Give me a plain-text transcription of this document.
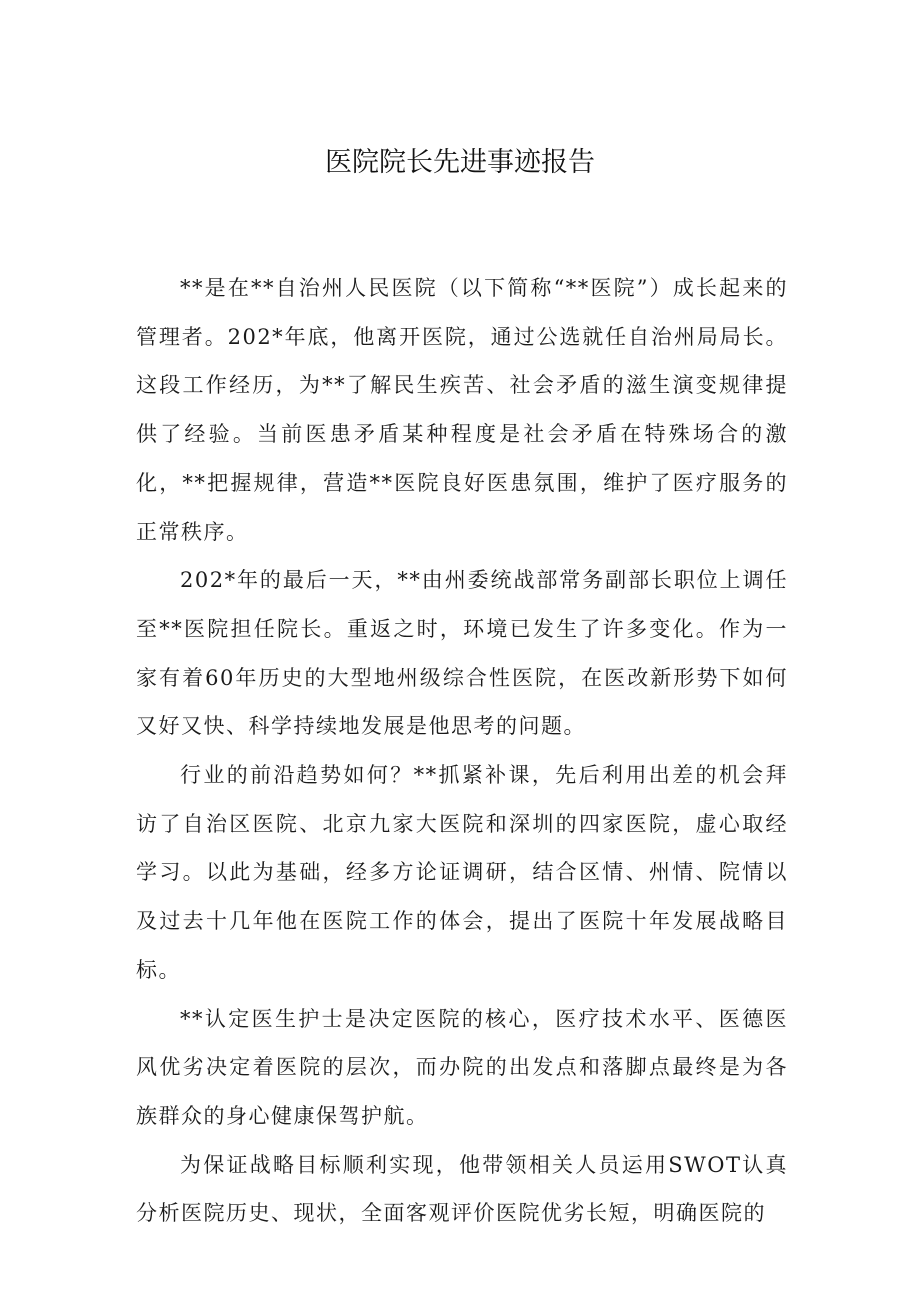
医院院长先进事迹报告

**是在**自治州人民医院（以下简称“**医院”）成长起来的管理者。202*年底，他离开医院，通过公选就任自治州局局长。这段工作经历，为**了解民生疾苦、社会矛盾的滋生演变规律提供了经验。当前医患矛盾某种程度是社会矛盾在特殊场合的激化，**把握规律，营造**医院良好医患氛围，维护了医疗服务的正常秩序。

202*年的最后一天，**由州委统战部常务副部长职位上调任至**医院担任院长。重返之时，环境已发生了许多变化。作为一家有着60年历史的大型地州级综合性医院，在医改新形势下如何又好又快、科学持续地发展是他思考的问题。

行业的前沿趋势如何？**抓紧补课，先后利用出差的机会拜访了自治区医院、北京九家大医院和深圳的四家医院，虚心取经学习。以此为基础，经多方论证调研，结合区情、州情、院情以及过去十几年他在医院工作的体会，提出了医院十年发展战略目标。

**认定医生护士是决定医院的核心，医疗技术水平、医德医风优劣决定着医院的层次，而办院的出发点和落脚点最终是为各族群众的身心健康保驾护航。

为保证战略目标顺利实现，他带领相关人员运用SWOT认真分析医院历史、现状，全面客观评价医院优劣长短，明确医院的
